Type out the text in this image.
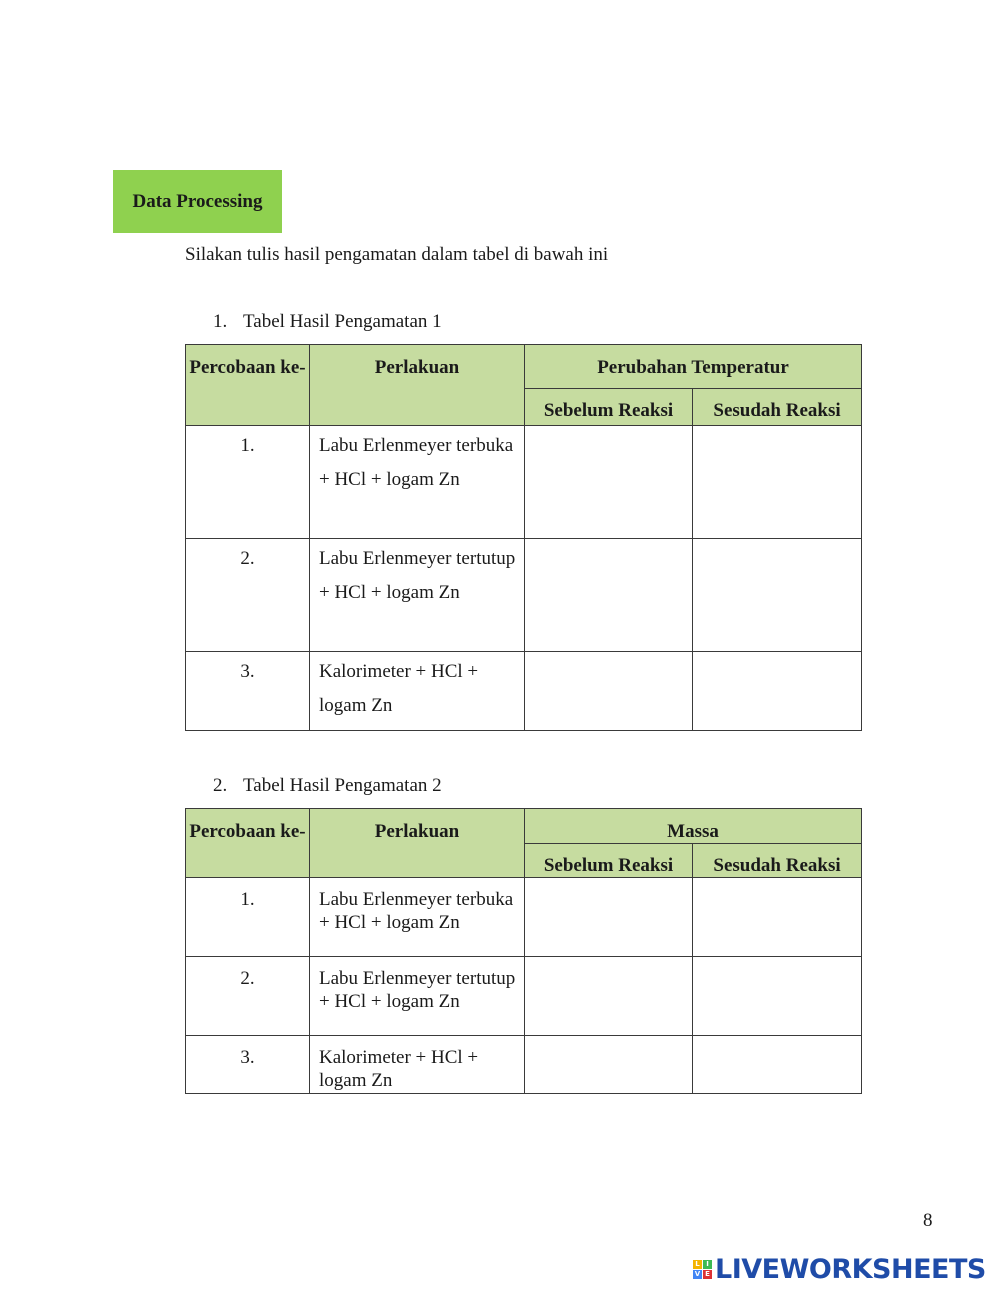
Data Processing
Silakan tulis hasil pengamatan dalam tabel di bawah ini
1. Tabel Hasil Pengamatan 1
Percobaan ke-	Perlakuan	Perubahan Temperatur	
		Sebelum Reaksi	Sesudah Reaksi
1.	Labu Erlenmeyer terbuka + HCl + logam Zn		
2.	Labu Erlenmeyer tertutup + HCl + logam Zn		
3.	Kalorimeter + HCl + logam Zn		
2. Tabel Hasil Pengamatan 2
Percobaan ke-	Perlakuan	Massa	
		Sebelum Reaksi	Sesudah Reaksi
1.	Labu Erlenmeyer terbuka + HCl + logam Zn		
2.	Labu Erlenmeyer tertutup + HCl + logam Zn		
3.	Kalorimeter + HCl + logam Zn		
8
L I
V E LIVEWORKSHEETS
